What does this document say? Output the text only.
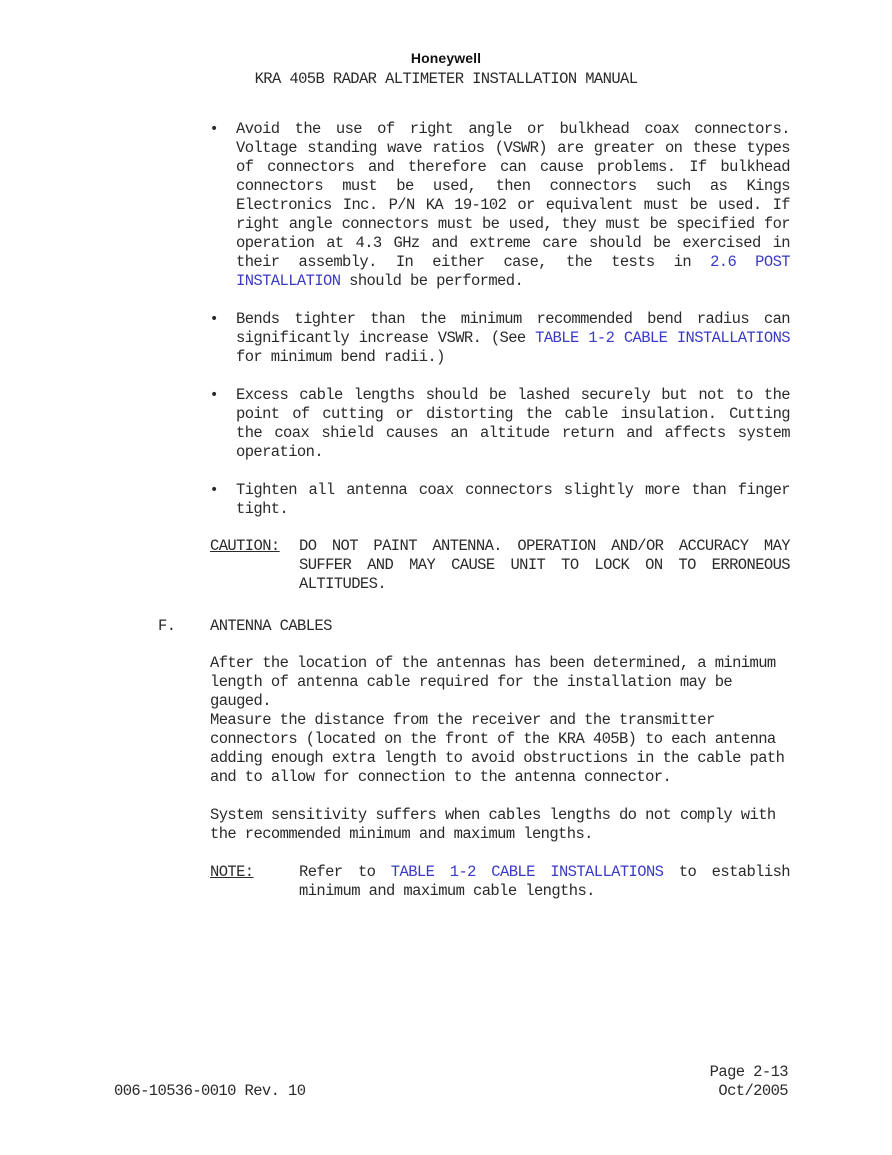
Honeywell
KRA 405B RADAR ALTIMETER INSTALLATION MANUAL
• Avoid the use of right angle or bulkhead coax connectors. Voltage standing wave ratios (VSWR) are greater on these types of connectors and therefore can cause problems. If bulkhead connectors must be used, then connectors such as Kings Electronics Inc. P/N KA 19-102 or equivalent must be used. If right angle connectors must be used, they must be specified for operation at 4.3 GHz and extreme care should be exercised in their assembly. In either case, the tests in 2.6 POST INSTALLATION should be performed.
• Bends tighter than the minimum recommended bend radius can significantly increase VSWR. (See TABLE 1-2 CABLE INSTALLATIONS for minimum bend radii.)
• Excess cable lengths should be lashed securely but not to the point of cutting or distorting the cable insulation. Cutting the coax shield causes an altitude return and affects system operation.
• Tighten all antenna coax connectors slightly more than finger tight.
CAUTION: DO NOT PAINT ANTENNA. OPERATION AND/OR ACCURACY MAY SUFFER AND MAY CAUSE UNIT TO LOCK ON TO ERRONEOUS ALTITUDES.
F. ANTENNA CABLES
After the location of the antennas has been determined, a minimum length of antenna cable required for the installation may be gauged.
Measure the distance from the receiver and the transmitter connectors (located on the front of the KRA 405B) to each antenna adding enough extra length to avoid obstructions in the cable path and to allow for connection to the antenna connector.
System sensitivity suffers when cables lengths do not comply with the recommended minimum and maximum lengths.
NOTE:	Refer to TABLE 1-2 CABLE INSTALLATIONS to establish minimum and maximum cable lengths.
006-10536-0010 Rev. 10
Page 2-13
Oct/2005
